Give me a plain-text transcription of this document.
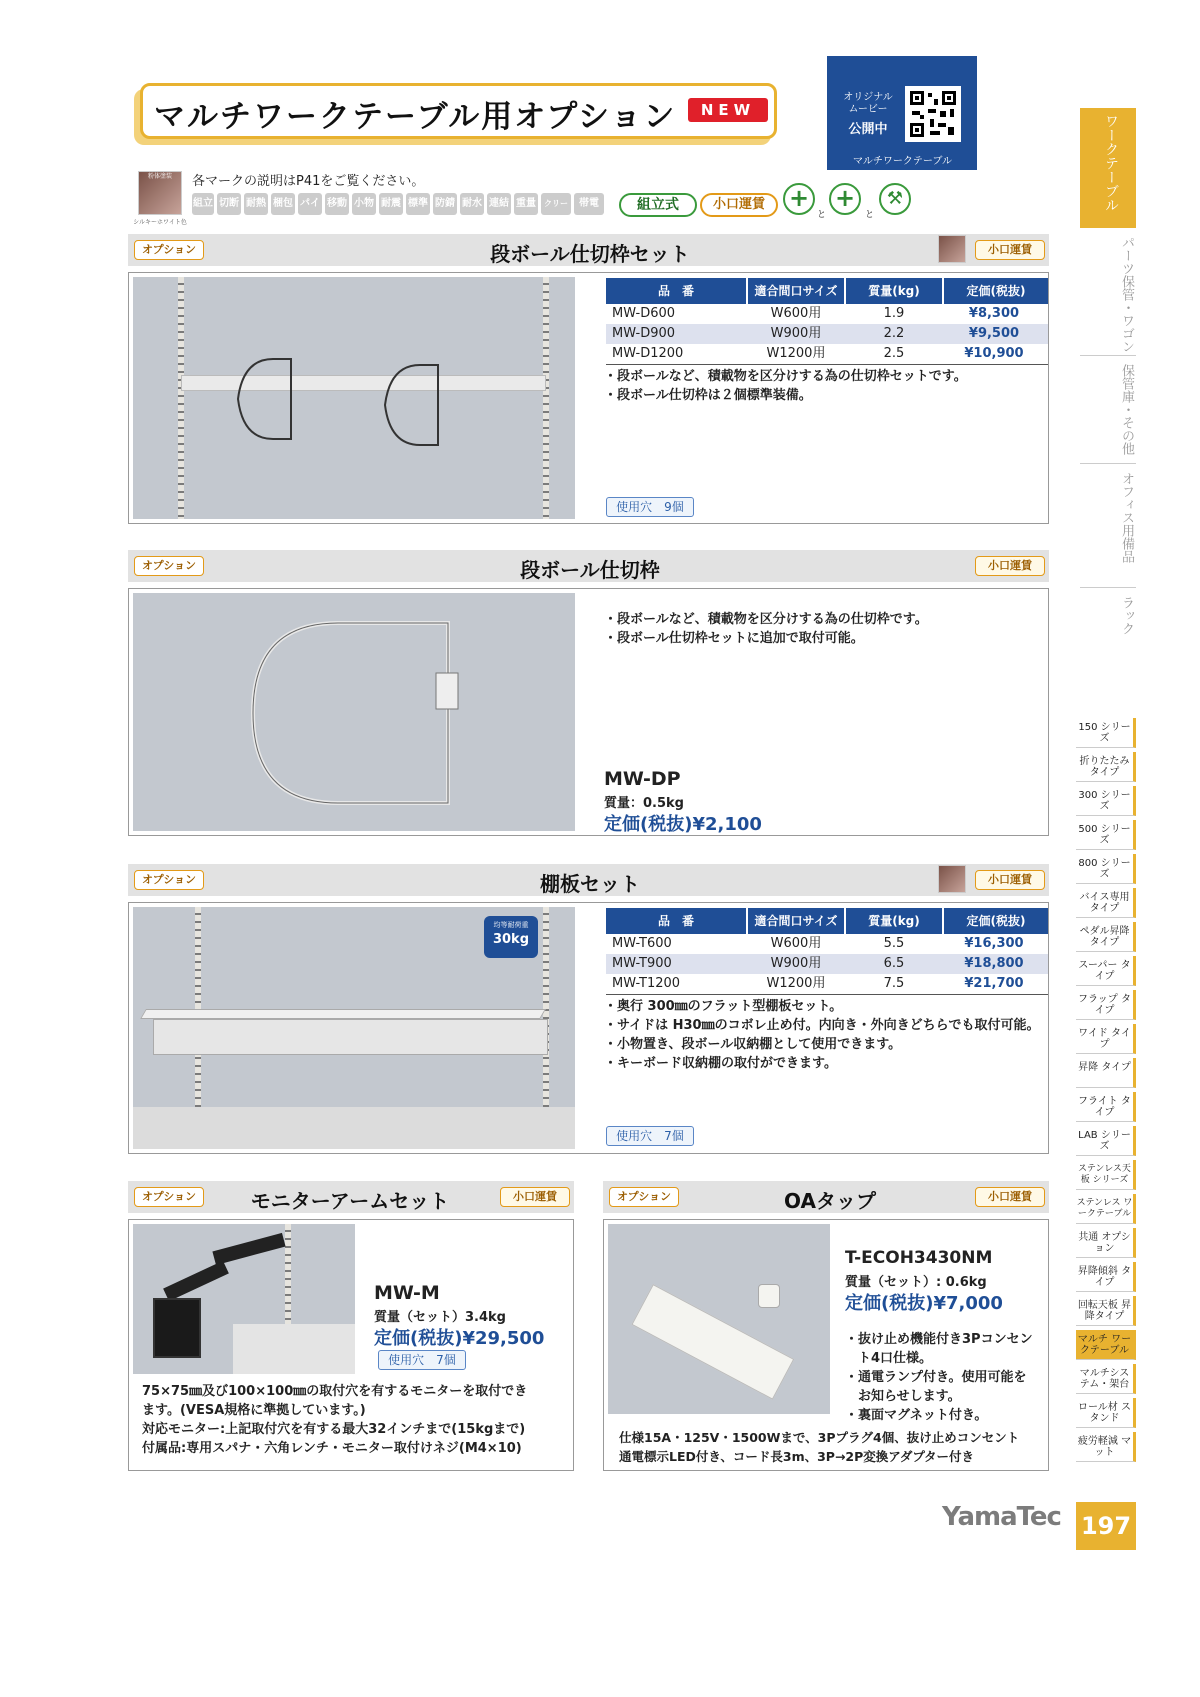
マルチワークテーブル用オプション	NEW
オリジナル ムービー
公開中
マルチワークテーブル
粉体塗装
シルキーホワイト色
各マークの説明はP41をご覧ください。
組立 切断 耐熱 梱包 パイプ
移動 小物 耐震 標準 防錆 耐水 連結 重量	クリーン
帯電	組立式	小口運賃 +
と
+
と
⚒
オプション	段ボール仕切枠セット	小口運賃
品　番	適合間口サイズ	質量(kg)	定価(税抜)
MW-D600	W600用	1.9	¥8,300
MW-D900	W900用	2.2	¥9,500
MW-D1200	W1200用	2.5	¥10,900
・段ボールなど、積載物を区分けする為の仕切枠セットです。
・段ボール仕切枠は２個標準装備。
使用穴　9個
オプション	段ボール仕切枠	小口運賃
・段ボールなど、積載物を区分けする為の仕切枠です。
・段ボール仕切枠セットに追加で取付可能。
MW-DP
質量：0.5kg
定価(税抜)¥2,100
オプション	棚板セット	小口運賃
均等耐荷重
30kg
品　番	適合間口サイズ	質量(kg)	定価(税抜)
MW-T600	W600用	5.5	¥16,300
MW-T900	W900用	6.5	¥18,800
MW-T1200	W1200用	7.5	¥21,700
・奥行 300㎜のフラット型棚板セット。
・サイドは H30㎜のコボレ止め付。内向き・外向きどちらでも取付可能。
・小物置き、段ボール収納棚として使用できます。
・キーボード収納棚の取付ができます。
使用穴　7個
オプション	モニターアームセット	小口運賃
MW-M
質量（セット）3.4kg
定価(税抜)¥29,500
使用穴　7個
75×75㎜及び100×100㎜の取付穴を有するモニターを取付でき
ます。(VESA規格に準拠しています。)
対応モニター:上記取付穴を有する最大32インチまで(15kgまで)
付属品:専用スパナ・六角レンチ・モニター取付けネジ(M4×10)
オプション	OAタップ	小口運賃
T-ECOH3430NM
質量（セット）: 0.6kg
定価(税抜)¥7,000
・抜け止め機能付き3Pコンセン
　ト4口仕様。
・通電ランプ付き。使用可能を
　お知らせします。
・裏面マグネット付き。
仕様15A・125V・1500Wまで、3Pプラグ4個、抜け止めコンセント
通電標示LED付き、コード長3m、3P→2P変換アダプター付き
ワークテーブル
パーツ保管・ワゴン
保管庫・その他
オフィス用備品
ラック
150 シリーズ
折りたたみ タイプ
300 シリーズ
500 シリーズ
800 シリーズ
バイス専用 タイプ
ペダル昇降 タイプ
スーパー タイプ
フラップ タイプ
ワイド タイプ
昇降 タイプ
フライト タイプ
LAB シリーズ
ステンレス天板 シリーズ
ステンレス ワークテーブル
共通 オプション
昇降傾斜 タイプ
回転天板 昇降タイプ
マルチ ワークテーブル
マルチシス テム・架台
ロール材 スタンド
疲労軽減 マット
YamaTec 197
